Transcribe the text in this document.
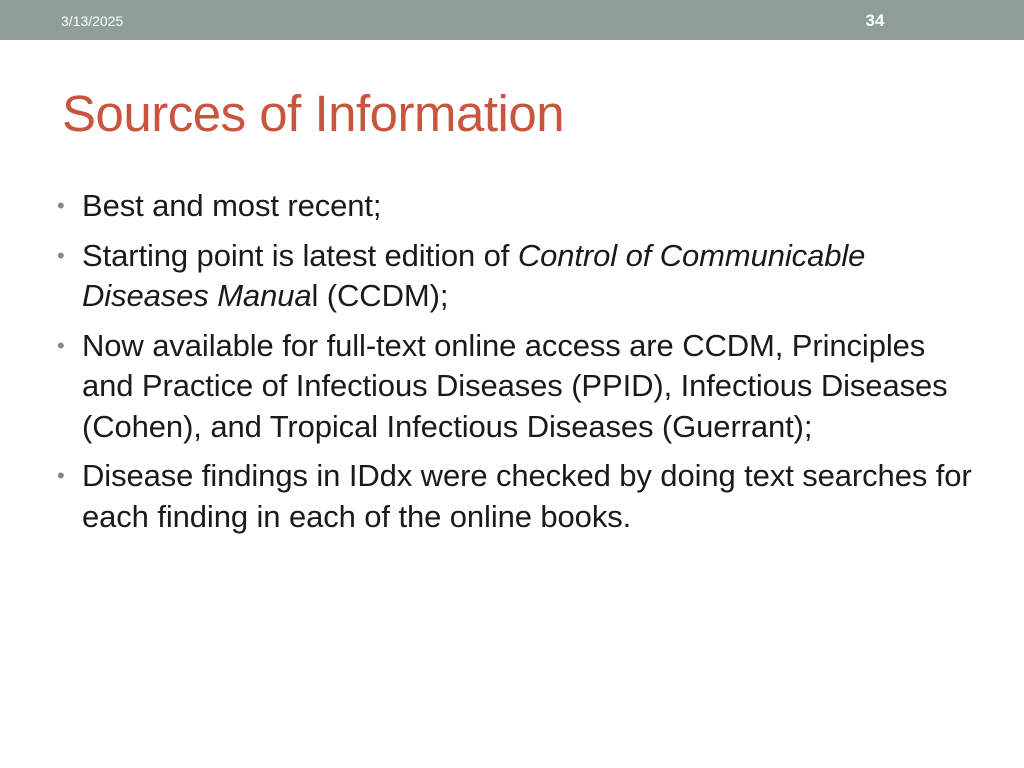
3/13/2025	34
Sources of Information
• Best and most recent;
• Starting point is latest edition of Control of Communicable
Diseases Manual (CCDM);
• Now available for full-text online access are CCDM, Principles and Practice of Infectious Diseases (PPID), Infectious Diseases (Cohen), and Tropical Infectious Diseases (Guerrant);
• Disease findings in IDdx were checked by doing text searches for each finding in each of the online books.
